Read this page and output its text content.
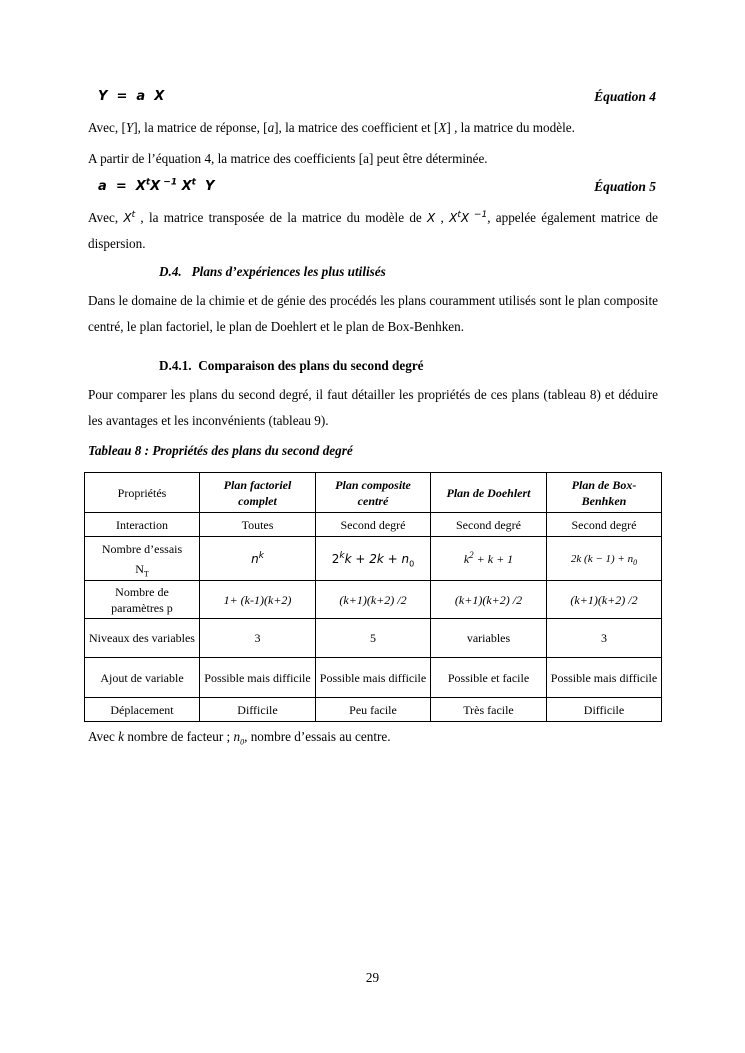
Y  =  a  X	Équation 4
Avec, [Y], la matrice de réponse, [a], la matrice des coefficient et [X] , la matrice du modèle.
A partir de l’équation 4, la matrice des coefficients [a] peut être déterminée.
$a = X^tX$ $^{-1}$ $X^t$ Y	Équation 5
Avec, $X^t$ , la matrice transposée de la matrice du modèle de X , $X^tX$ $^{-1}$, appelée également matrice de dispersion.
D.4. Plans d’expériences les plus utilisés
Dans le domaine de la chimie et de génie des procédés les plans couramment utilisés sont le plan composite centré, le plan factoriel, le plan de Doehlert et le plan de Box-Benhken.
D.4.1. Comparaison des plans du second degré
Pour comparer les plans du second degré, il faut détailler les propriétés de ces plans (tableau 8) et déduire les avantages et les inconvénients (tableau 9).
Tableau 8 : Propriétés des plans du second degré
Propriétés	Plan factoriel complet	Plan composite centré	Plan de Doehlert	Plan de Box-Benhken
Interaction	Toutes	Second degré	Second degré	Second degré
Nombre d’essais
$N_T$	$n^k$	$2^kk + 2k + n_0$	$k^2 + k + 1$	2k $(k - 1) + n_0$
Nombre de paramètres p	1+ (k-1)(k+2)	(k+1)(k+2) /2	(k+1)(k+2) /2	(k+1)(k+2) /2
Niveaux des variables	3	5	variables	3
Ajout de variable	Possible mais difficile	Possible mais difficile	Possible et facile	Possible mais difficile
Déplacement	Difficile	Peu facile	Très facile	Difficile
Avec k nombre de facteur ; $n_0$, nombre d’essais au centre.
29
